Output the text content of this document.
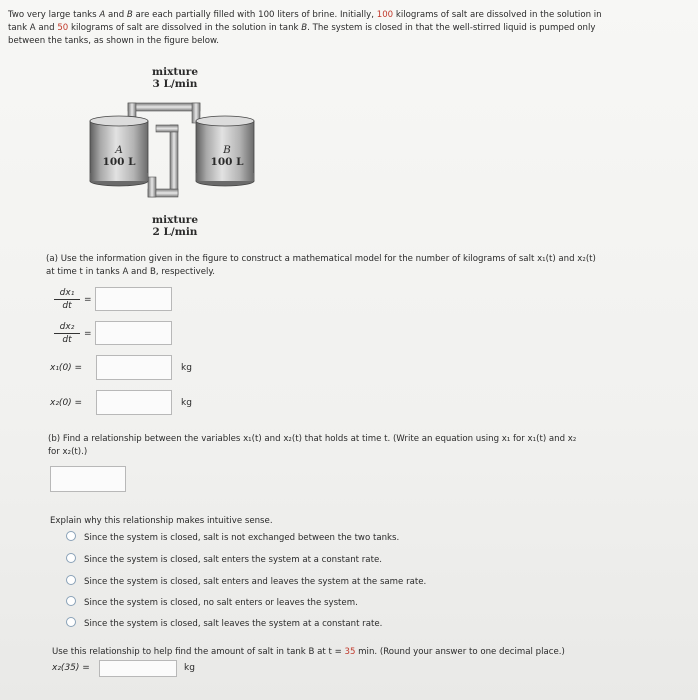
Two very large tanks A and B are each partially filled with 100 liters of brine. Initially, 100 kilograms of salt are dissolved in the solution in
tank A and 50 kilograms of salt are dissolved in the solution in tank B. The system is closed in that the well-stirred liquid is pumped only
between the tanks, as shown in the figure below.
mixture
3 L/min
mixture
2 L/min
A
100 L
B
100 L
(a) Use the information given in the figure to construct a mathematical model for the number of kilograms of salt x₁(t) and x₂(t)
at time t in tanks A and B, respectively.
$\frac{\text{dx₁}}{dt}$ =
$\frac{\text{dx₂}}{dt}$ =
x₁(0) =	kg
x₂(0) =	kg
(b) Find a relationship between the variables x₁(t) and x₂(t) that holds at time t. (Write an equation using x₁ for x₁(t) and x₂
for x₂(t).)
Explain why this relationship makes intuitive sense.
Since the system is closed, salt is not exchanged between the two tanks.
Since the system is closed, salt enters the system at a constant rate.
Since the system is closed, salt enters and leaves the system at the same rate.
Since the system is closed, no salt enters or leaves the system.
Since the system is closed, salt leaves the system at a constant rate.
Use this relationship to help find the amount of salt in tank B at t = 35 min. (Round your answer to one decimal place.)
x₂(35) =	kg
